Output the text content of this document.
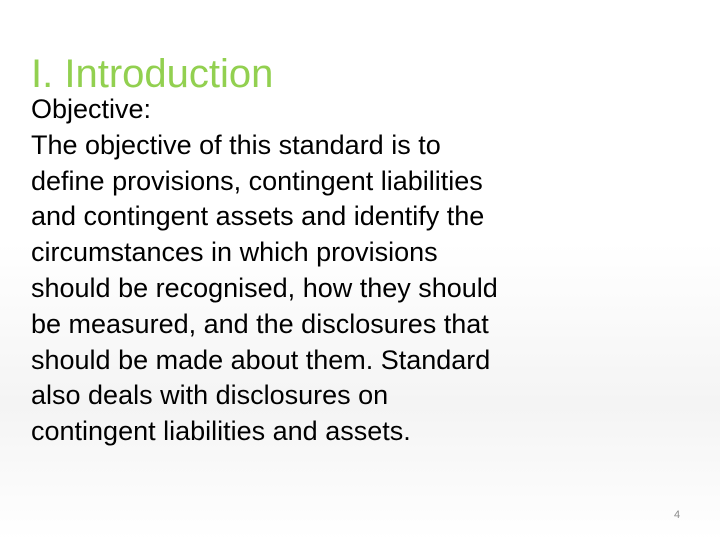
I. Introduction
Objective:
The objective of this standard is to
define provisions, contingent liabilities
and contingent assets and identify the
circumstances in which provisions
should be recognised, how they should
be measured, and the disclosures that
should be made about them. Standard
also deals with disclosures on
contingent liabilities and assets.
4
